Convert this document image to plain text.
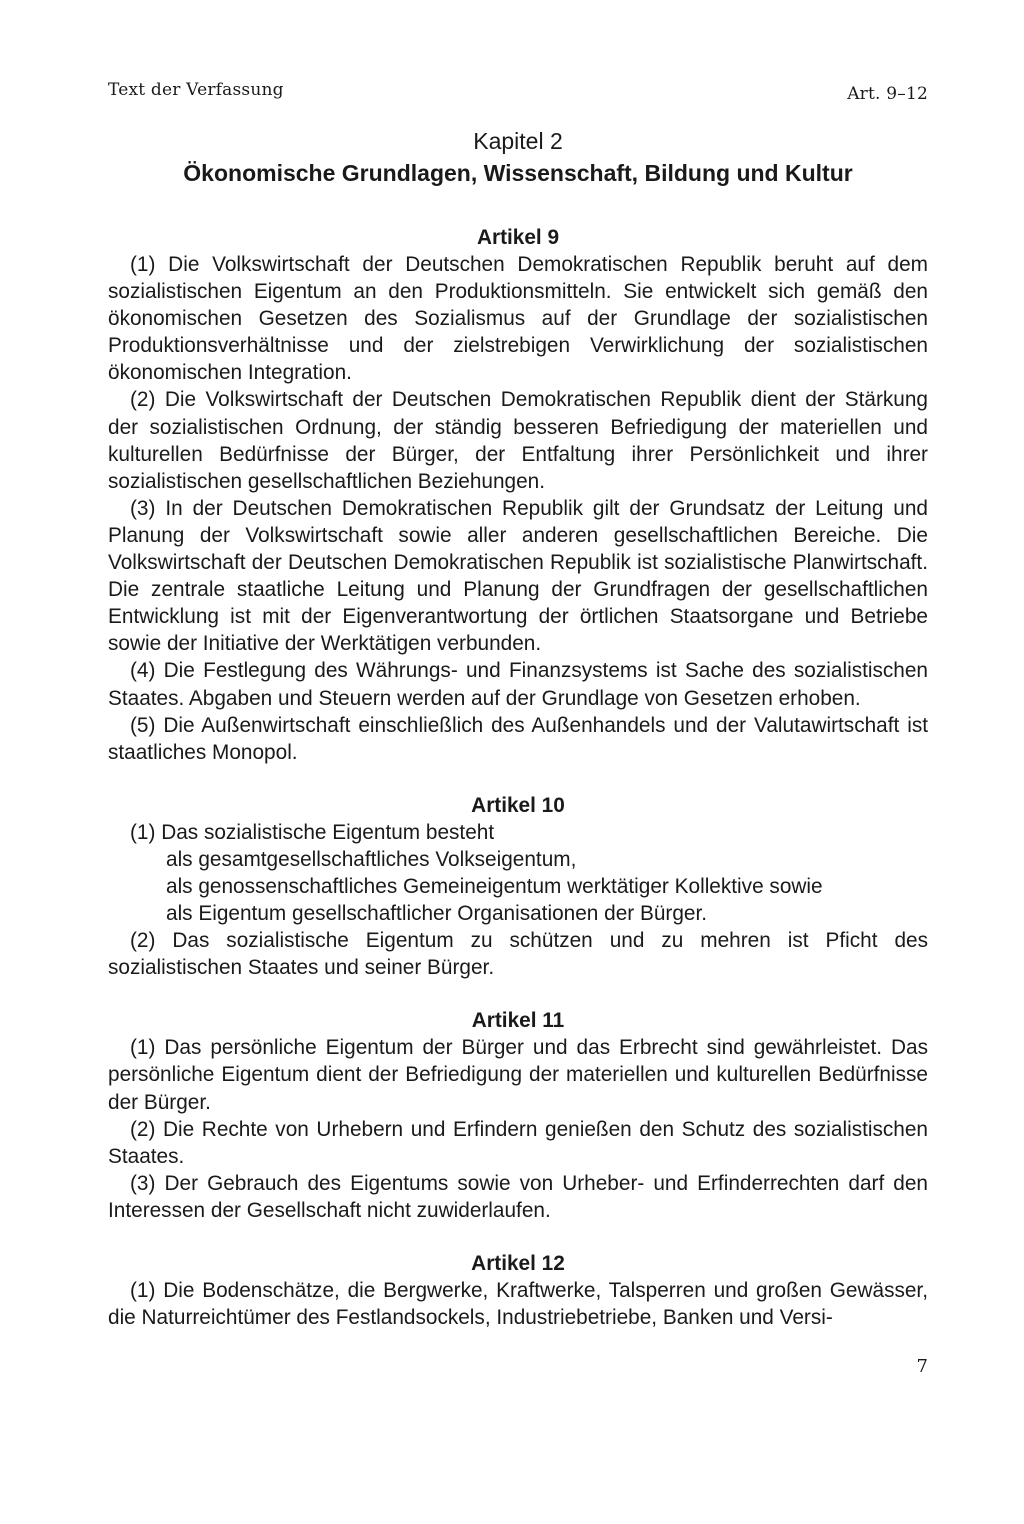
Text der Verfassung	Art. 9–12

Kapitel 2

Ökonomische Grundlagen, Wissenschaft, Bildung und Kultur

Artikel 9

(1) Die Volkswirtschaft der Deutschen Demokratischen Republik beruht auf dem sozialistischen Eigentum an den Produktionsmitteln. Sie entwickelt sich gemäß den ökonomischen Gesetzen des Sozialismus auf der Grundlage der sozialistischen Produktionsverhältnisse und der zielstrebigen Verwirklichung der sozialistischen ökonomischen Integration.

(2) Die Volkswirtschaft der Deutschen Demokratischen Republik dient der Stärkung der sozialistischen Ordnung, der ständig besseren Befriedigung der materiellen und kulturellen Bedürfnisse der Bürger, der Entfaltung ihrer Persönlichkeit und ihrer sozialistischen gesellschaftlichen Beziehungen.

(3) In der Deutschen Demokratischen Republik gilt der Grundsatz der Leitung und Planung der Volkswirtschaft sowie aller anderen gesellschaftlichen Bereiche. Die Volkswirtschaft der Deutschen Demokratischen Republik ist sozialistische Planwirtschaft. Die zentrale staatliche Leitung und Planung der Grundfragen der gesellschaftlichen Entwicklung ist mit der Eigenverantwortung der örtlichen Staatsorgane und Betriebe sowie der Initiative der Werktätigen verbunden.

(4) Die Festlegung des Währungs- und Finanzsystems ist Sache des sozialistischen Staates. Abgaben und Steuern werden auf der Grundlage von Gesetzen erhoben.

(5) Die Außenwirtschaft einschließlich des Außenhandels und der Valutawirtschaft ist staatliches Monopol.

Artikel 10

(1) Das sozialistische Eigentum besteht

als gesamtgesellschaftliches Volkseigentum,

als genossenschaftliches Gemeineigentum werktätiger Kollektive sowie

als Eigentum gesellschaftlicher Organisationen der Bürger.

(2) Das sozialistische Eigentum zu schützen und zu mehren ist Pficht des sozialistischen Staates und seiner Bürger.

Artikel 11

(1) Das persönliche Eigentum der Bürger und das Erbrecht sind gewährleistet. Das persönliche Eigentum dient der Befriedigung der materiellen und kulturellen Bedürfnisse der Bürger.

(2) Die Rechte von Urhebern und Erfindern genießen den Schutz des sozialistischen Staates.

(3) Der Gebrauch des Eigentums sowie von Urheber- und Erfinderrechten darf den Interessen der Gesellschaft nicht zuwiderlaufen.

Artikel 12

(1) Die Bodenschätze, die Bergwerke, Kraftwerke, Talsperren und großen Gewässer, die Naturreichtümer des Festlandsockels, Industriebetriebe, Banken und Versi-

7
